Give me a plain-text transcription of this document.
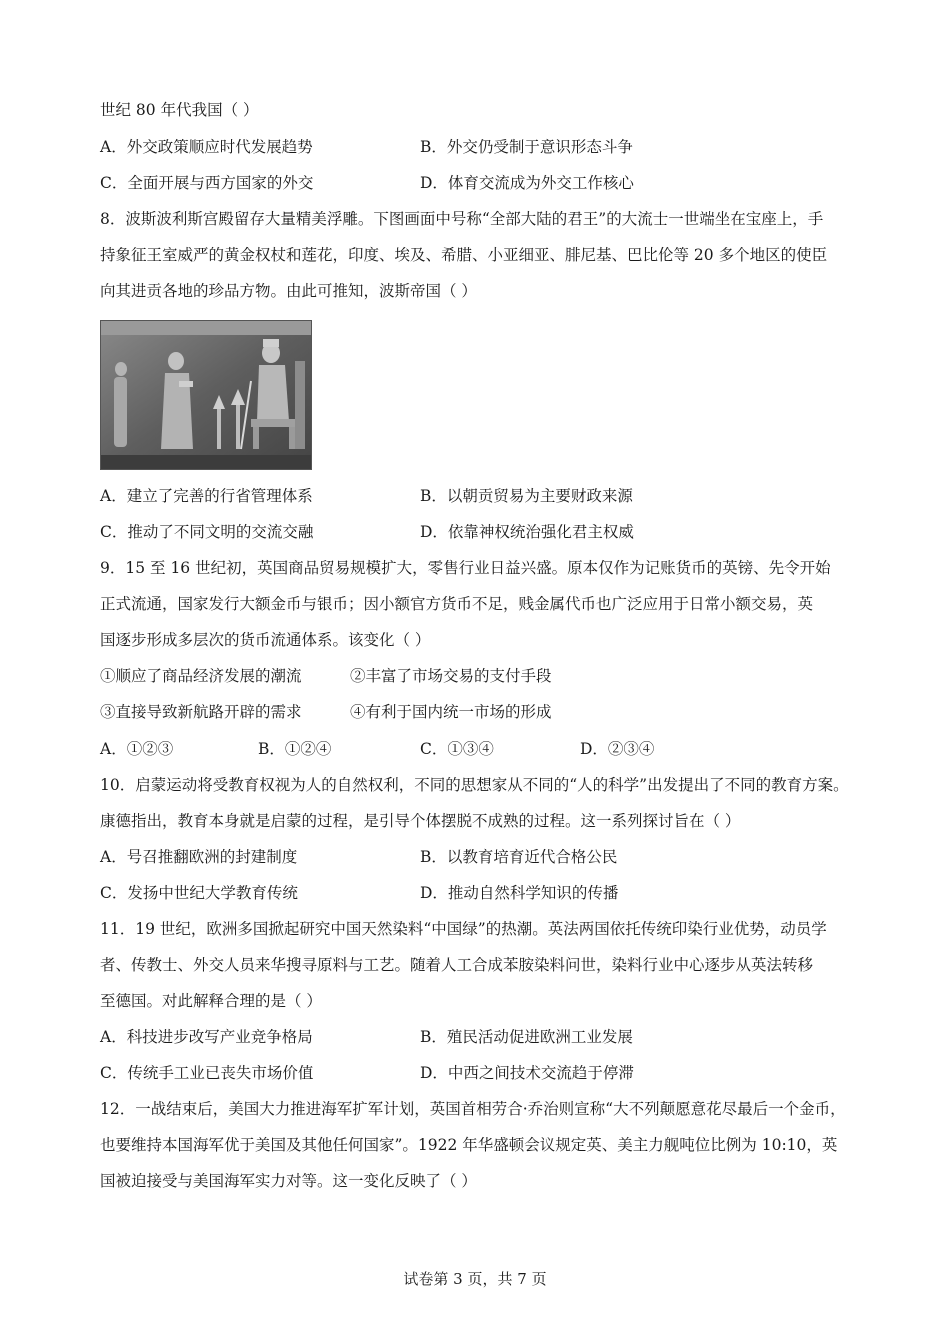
世纪 80 年代我国（ ）
A．外交政策顺应时代发展趋势	B．外交仍受制于意识形态斗争
C．全面开展与西方国家的外交	D．体育交流成为外交工作核心
8．波斯波利斯宫殿留存大量精美浮雕。下图画面中号称“全部大陆的君王”的大流士一世端坐在宝座上，手
持象征王室威严的黄金权杖和莲花，印度、埃及、希腊、小亚细亚、腓尼基、巴比伦等 20 多个地区的使臣
向其进贡各地的珍品方物。由此可推知，波斯帝国（ ）
A．建立了完善的行省管理体系	B．以朝贡贸易为主要财政来源
C．推动了不同文明的交流交融	D．依靠神权统治强化君主权威
9．15 至 16 世纪初，英国商品贸易规模扩大，零售行业日益兴盛。原本仅作为记账货币的英镑、先令开始
正式流通，国家发行大额金币与银币；因小额官方货币不足，贱金属代币也广泛应用于日常小额交易，英
国逐步形成多层次的货币流通体系。该变化（ ）
①顺应了商品经济发展的潮流	②丰富了市场交易的支付手段
③直接导致新航路开辟的需求	④有利于国内统一市场的形成
A．①②③	B．①②④	C．①③④	D．②③④
10．启蒙运动将受教育权视为人的自然权利，不同的思想家从不同的“人的科学”出发提出了不同的教育方案。
康德指出，教育本身就是启蒙的过程，是引导个体摆脱不成熟的过程。这一系列探讨旨在（ ）
A．号召推翻欧洲的封建制度	B．以教育培育近代合格公民
C．发扬中世纪大学教育传统	D．推动自然科学知识的传播
11．19 世纪，欧洲多国掀起研究中国天然染料“中国绿”的热潮。英法两国依托传统印染行业优势，动员学
者、传教士、外交人员来华搜寻原料与工艺。随着人工合成苯胺染料问世，染料行业中心逐步从英法转移
至德国。对此解释合理的是（ ）
A．科技进步改写产业竞争格局	B．殖民活动促进欧洲工业发展
C．传统手工业已丧失市场价值	D．中西之间技术交流趋于停滞
12．一战结束后，美国大力推进海军扩军计划，英国首相劳合·乔治则宣称“大不列颠愿意花尽最后一个金币，
也要维持本国海军优于美国及其他任何国家”。1922 年华盛顿会议规定英、美主力舰吨位比例为 10:10，英
国被迫接受与美国海军实力对等。这一变化反映了（ ）
试卷第 3 页，共 7 页
